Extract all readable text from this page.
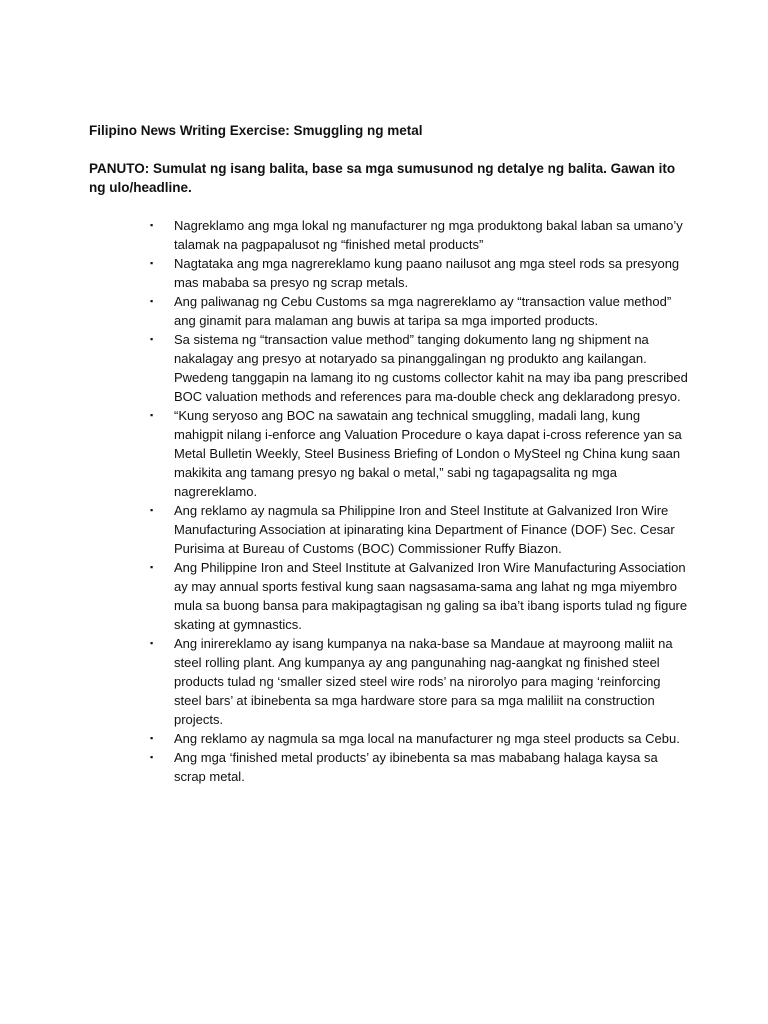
Filipino News Writing Exercise: Smuggling ng metal

PANUTO: Sumulat ng isang balita, base sa mga sumusunod ng detalye ng balita. Gawan ito ng ulo/headline.

▪ Nagreklamo ang mga lokal ng manufacturer ng mga produktong bakal laban sa umano’y talamak na pagpapalusot ng “finished metal products”
▪ Nagtataka ang mga nagrereklamo kung paano nailusot ang mga steel rods sa presyong mas mababa sa presyo ng scrap metals.
▪ Ang paliwanag ng Cebu Customs sa mga nagrereklamo ay “transaction value method” ang ginamit para malaman ang buwis at taripa sa mga imported products.
▪ Sa sistema ng “transaction value method” tanging dokumento lang ng shipment na nakalagay ang presyo at notaryado sa pinanggalingan ng produkto ang kailangan. Pwedeng tanggapin na lamang ito ng customs collector kahit na may iba pang prescribed BOC valuation methods and references para ma-double check ang deklaradong presyo.
▪ “Kung seryoso ang BOC na sawatain ang technical smuggling, madali lang, kung mahigpit nilang i-enforce ang Valuation Procedure o kaya dapat i-cross reference yan sa Metal Bulletin Weekly, Steel Business Briefing of London o MySteel ng China kung saan makikita ang tamang presyo ng bakal o metal,” sabi ng tagapagsalita ng mga nagrereklamo.
▪ Ang reklamo ay nagmula sa Philippine Iron and Steel Institute at Galvanized Iron Wire Manufacturing Association at ipinarating kina Department of Finance (DOF) Sec. Cesar Purisima at Bureau of Customs (BOC) Commissioner Ruffy Biazon.
▪ Ang Philippine Iron and Steel Institute at Galvanized Iron Wire Manufacturing Association ay may annual sports festival kung saan nagsasama-sama ang lahat ng mga miyembro mula sa buong bansa para makipagtagisan ng galing sa iba’t ibang isports tulad ng figure skating at gymnastics.
▪ Ang inirereklamo ay isang kumpanya na naka-base sa Mandaue at mayroong maliit na steel rolling plant. Ang kumpanya ay ang pangunahing nag-aangkat ng finished steel products tulad ng ‘smaller sized steel wire rods’ na nirorolyo para maging ‘reinforcing steel bars’ at ibinebenta sa mga hardware store para sa mga maliliit na construction projects.
▪ Ang reklamo ay nagmula sa mga local na manufacturer ng mga steel products sa Cebu.
▪ Ang mga ‘finished metal products’ ay ibinebenta sa mas mababang halaga kaysa sa scrap metal.
